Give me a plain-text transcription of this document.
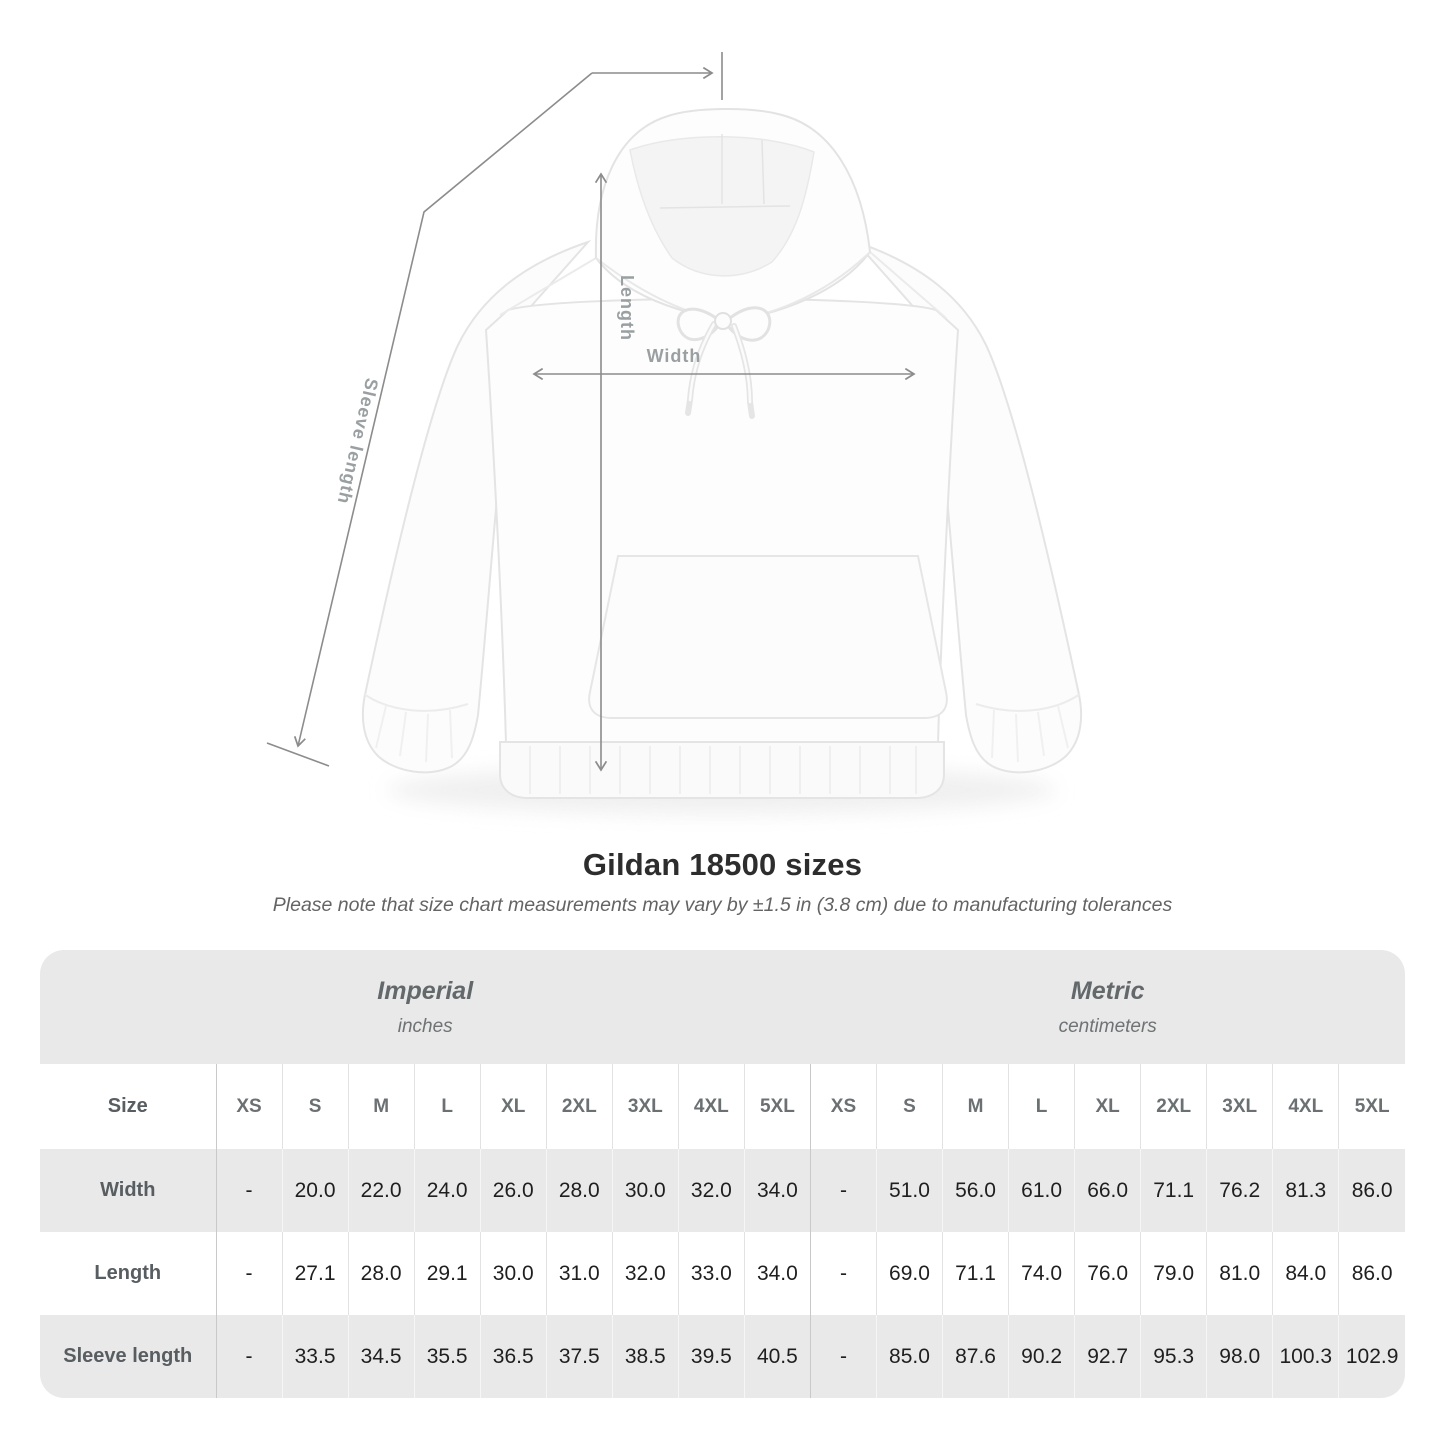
Sleeve length
Length
Width
Gildan 18500 sizes
Please note that size chart measurements may vary by ±1.5 in (3.8 cm) due to manufacturing tolerances
Imperial
inches

Metric
centimeters

Size	XS	S	M	L	XL	2XL	3XL	4XL	5XL	XS	S	M	L	XL	2XL	3XL	4XL	5XL
Width	-	20.0	22.0	24.0	26.0	28.0	30.0	32.0	34.0	-	51.0	56.0	61.0	66.0	71.1	76.2	81.3	86.0
Length	-	27.1	28.0	29.1	30.0	31.0	32.0	33.0	34.0	-	69.0	71.1	74.0	76.0	79.0	81.0	84.0	86.0
Sleeve length	-	33.5	34.5	35.5	36.5	37.5	38.5	39.5	40.5	-	85.0	87.6	90.2	92.7	95.3	98.0	100.3	102.9
